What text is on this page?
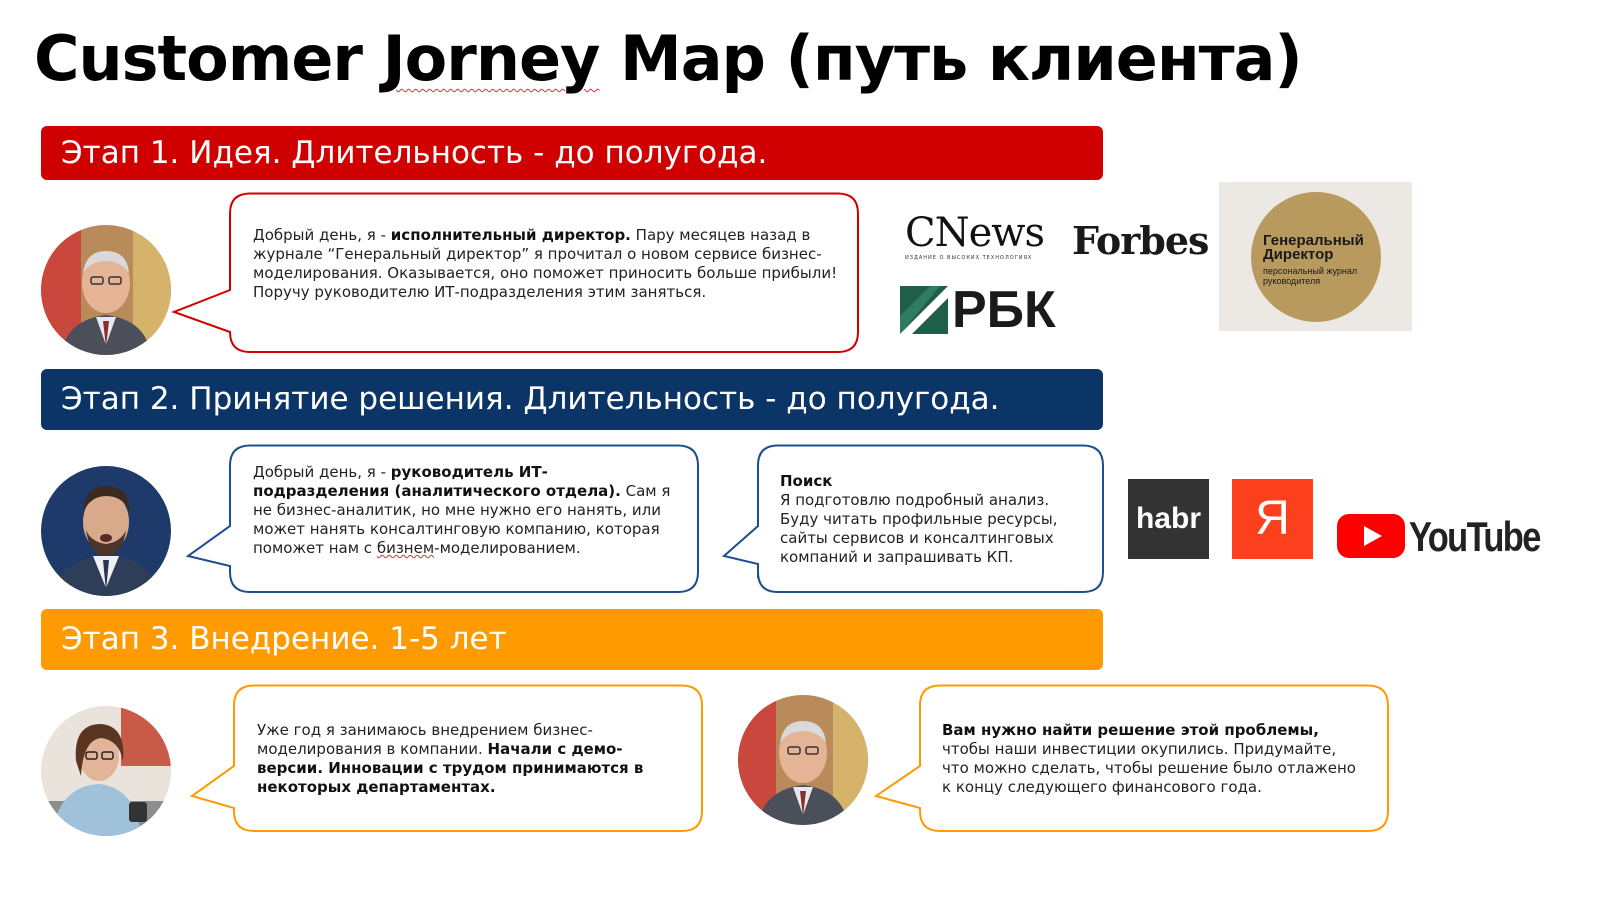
Customer Jorney Map (путь клиента)
Этап 1. Идея. Длительность - до полугода.
Этап 2. Принятие решения. Длительность - до полугода.
Этап 3. Внедрение. 1-5 лет
Добрый день, я - исполнительный директор. Пару месяцев назад в журнале “Генеральный директор” я прочитал о новом сервисе бизнес-моделирования. Оказывается, оно поможет приносить больше прибыли! Поручу руководителю ИТ-подразделения этим заняться.
CNews
ИЗДАНИЕ О ВЫСОКИХ ТЕХНОЛОГИЯХ	Forbes
РБК
Генеральный
Директор
персональный журнал
руководителя
Добрый день, я - руководитель ИТ-подразделения (аналитического отдела). Сам я не бизнес-аналитик, но мне нужно его нанять, или может нанять консалтинговую компанию, которая поможет нам с бизнем-моделированием.
Поиск
Я подготовлю подробный анализ. Буду читать профильные ресурсы, сайты сервисов и консалтинговых компаний и запрашивать КП.
habr	Я	YouTube
Уже год я занимаюсь внедрением бизнес-моделирования в компании. Начали с демо-версии. Инновации с трудом принимаются в некоторых департаментах.
Вам нужно найти решение этой проблемы, чтобы наши инвестиции окупились. Придумайте, что можно сделать, чтобы решение было отлажено к концу следующего финансового года.
